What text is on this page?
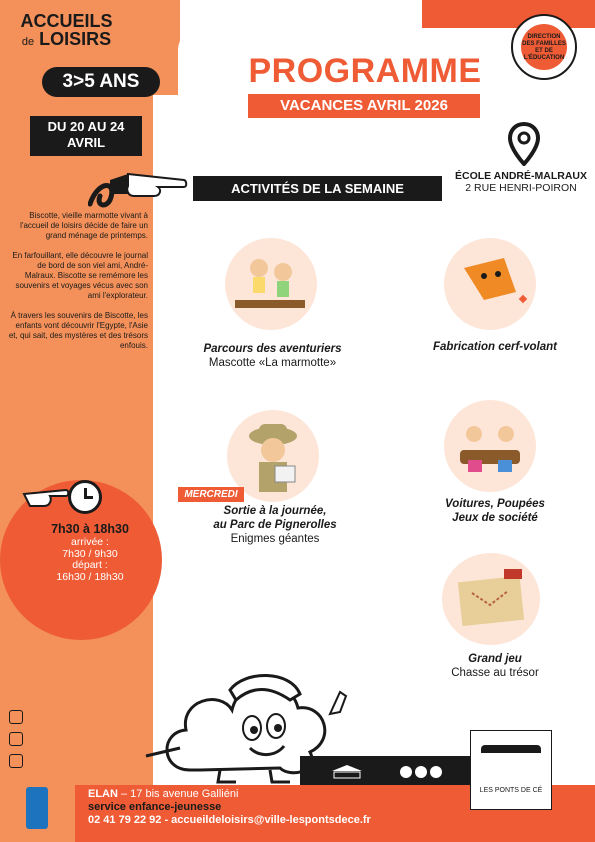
ACCUEILS
de LOISIRS
3>5 ANS
DU 20 AU 24
AVRIL

Biscotte, vieille marmotte vivant à l'accueil de loisirs décide de faire un grand ménage de printemps.

En farfouillant, elle découvre le journal de bord de son viel ami, André-Malraux. Biscotte se remémore les souvenirs et voyages vécus avec son ami l'explorateur.

À travers les souvenirs de Biscotte, les enfants vont découvrir l'Egypte, l'Asie et, qui sait, des mystères et des trésors enfouis.

7h30 à 18h30
arrivée :
7h30 / 9h30
départ :
16h30 / 18h30
DIRECTION DES FAMILLES ET DE L'ÉDUCATION
PROGRAMME
VACANCES AVRIL 2026
ÉCOLE ANDRÉ-MALRAUX
2 RUE HENRI-POIRON
ACTIVITÉS DE LA SEMAINE
Parcours des aventuriers
Mascotte «La marmotte»
Fabrication cerf-volant
MERCREDI
Sortie à la journée,
au Parc de Pignerolles
Enigmes géantes
Voitures, Poupées
Jeux de société
Grand jeu
Chasse au trésor
ELAN – 17 bis avenue Galliéni
service enfance-jeunesse
02 41 79 22 92 - accueildeloisirs@ville-lespontsdece.fr
LES PONTS DE CÉ
lespontsdece.fr
